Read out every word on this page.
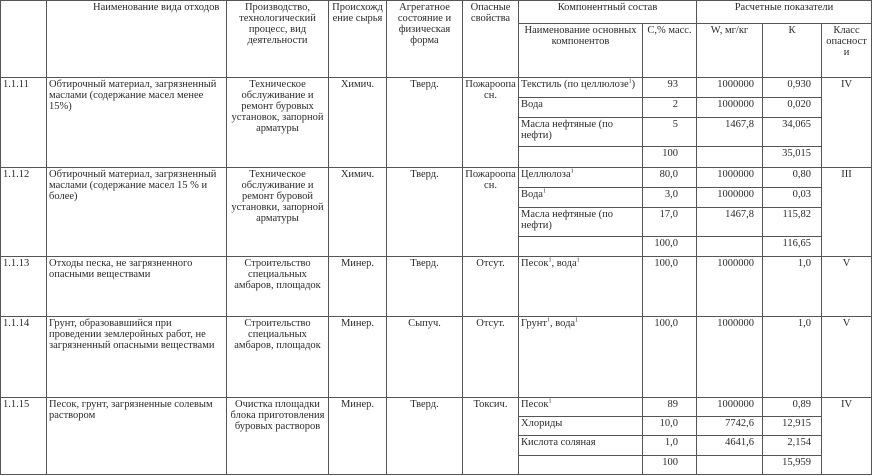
	Наименование вида отходов	Производство, технологический процесс, вид деятельности	Происхождение сырья	Агрегатное состояние и физическая форма	Опасные свойства	Компонентный состав		Расчетные показатели		
						Наименование основных компонентов	С,% масс.	W, мг/кг	К	Класс опасности
1.1.11	Обтирочный материал, загрязненный маслами (содержание масел менее 15%)	Техническое обслуживание и ремонт буровых установок, запорной арматуры	Химич.	Тверд.	Пожароопасн.	Текстиль (по целлюлозе$^1$)	93	1000000	0,930	IV
						Вода	2	1000000	0,020	
						Масла нефтяные (по нефти)	5	1467,8	34,065	
							100		35,015	
1.1.12	Обтирочный материал, загрязненный маслами (содержание масел 15 % и более)	Техническое обслуживание и ремонт буровой установки, запорной арматуры	Химич.	Тверд.	Пожароопасн.	Целлюлоза$^1$	80,0	1000000	0,80	III
						Вода$^1$	3,0	1000000	0,03	
						Масла нефтяные (по нефти)	17,0	1467,8	115,82	
							100,0		116,65	
1.1.13	Отходы песка, не загрязненного опасными веществами	Строительство специальных амбаров, площадок	Минер.	Тверд.	Отсут.	Песок$^1$, вода$^1$	100,0	1000000	1,0	V
1.1.14	Грунт, образовавшийся при проведении землеройных работ, не загрязненный опасными веществами	Строительство специальных амбаров, площадок	Минер.	Сыпуч.	Отсут.	Грунт$^1$, вода$^1$	100,0	1000000	1,0	V
1.1.15	Песок, грунт, загрязненные солевым раствором	Очистка площадки блока приготовления буровых растворов	Минер.	Тверд.	Токсич.	Песок$^1$	89	1000000	0,89	IV
						Хлориды	10,0	7742,6	12,915	
						Кислота соляная	1,0	4641,6	2,154	
							100		15,959	
